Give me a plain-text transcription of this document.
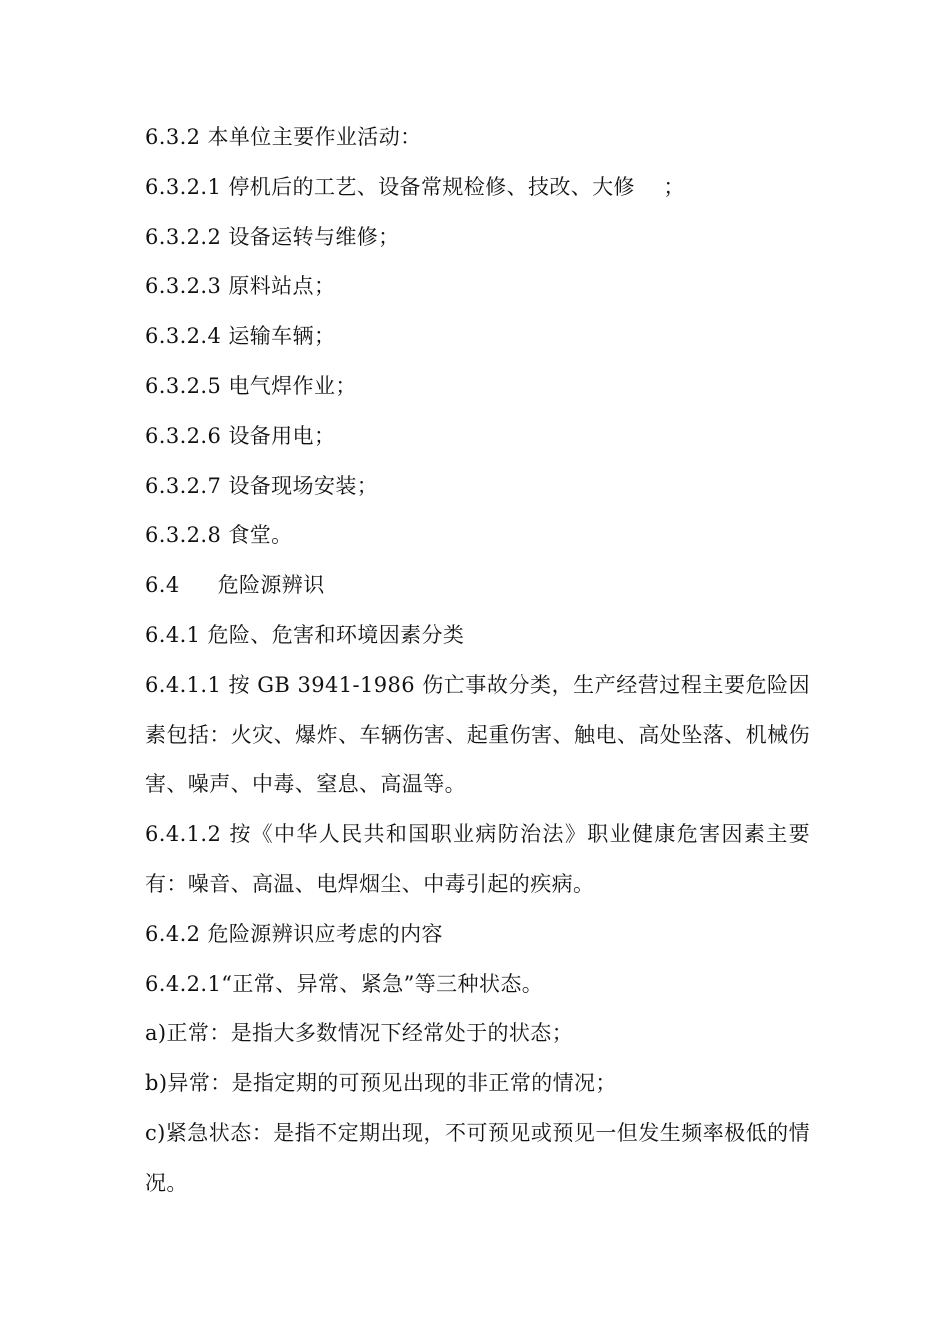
6.3.2 本单位主要作业活动：

6.3.2.1 停机后的工艺、设备常规检修、技改、大修　 ；

6.3.2.2 设备运转与维修；

6.3.2.3 原料站点；

6.3.2.4 运输车辆；

6.3.2.5 电气焊作业；

6.3.2.6 设备用电；

6.3.2.7 设备现场安装；

6.3.2.8 食堂。

6.4 危险源辨识

6.4.1 危险、危害和环境因素分类

6.4.1.1 按 GB 3941-1986 伤亡事故分类，生产经营过程主要危险因素包括：火灾、爆炸、车辆伤害、起重伤害、触电、高处坠落、机械伤害、噪声、中毒、窒息、高温等。

6.4.1.2 按《中华人民共和国职业病防治法》职业健康危害因素主要有：噪音、高温、电焊烟尘、中毒引起的疾病。

6.4.2 危险源辨识应考虑的内容

6.4.2.1“正常、异常、紧急”等三种状态。

a)正常：是指大多数情况下经常处于的状态；

b)异常：是指定期的可预见出现的非正常的情况；

c)紧急状态：是指不定期出现，不可预见或预见一但发生频率极低的情况。
